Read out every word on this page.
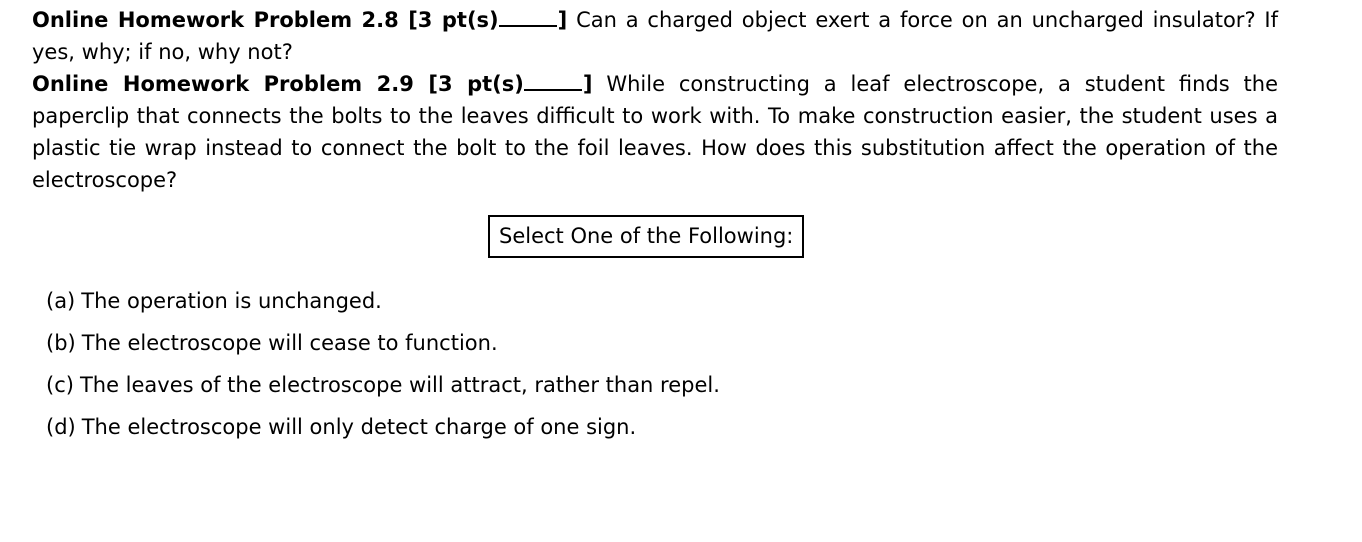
Online Homework Problem 2.8 [3 pt(s)	] Can a charged object exert a force on an uncharged insulator? If yes, why; if no, why not?

Online Homework Problem 2.9 [3 pt(s)	] While constructing a leaf electroscope, a student finds the paperclip that connects the bolts to the leaves difficult to work with. To make construction easier, the student uses a plastic tie wrap instead to connect the bolt to the foil leaves. How does this substitution affect the operation of the electroscope?

Select One of the Following:
(a) The operation is unchanged.
(b) The electroscope will cease to function.
(c) The leaves of the electroscope will attract, rather than repel.
(d) The electroscope will only detect charge of one sign.
